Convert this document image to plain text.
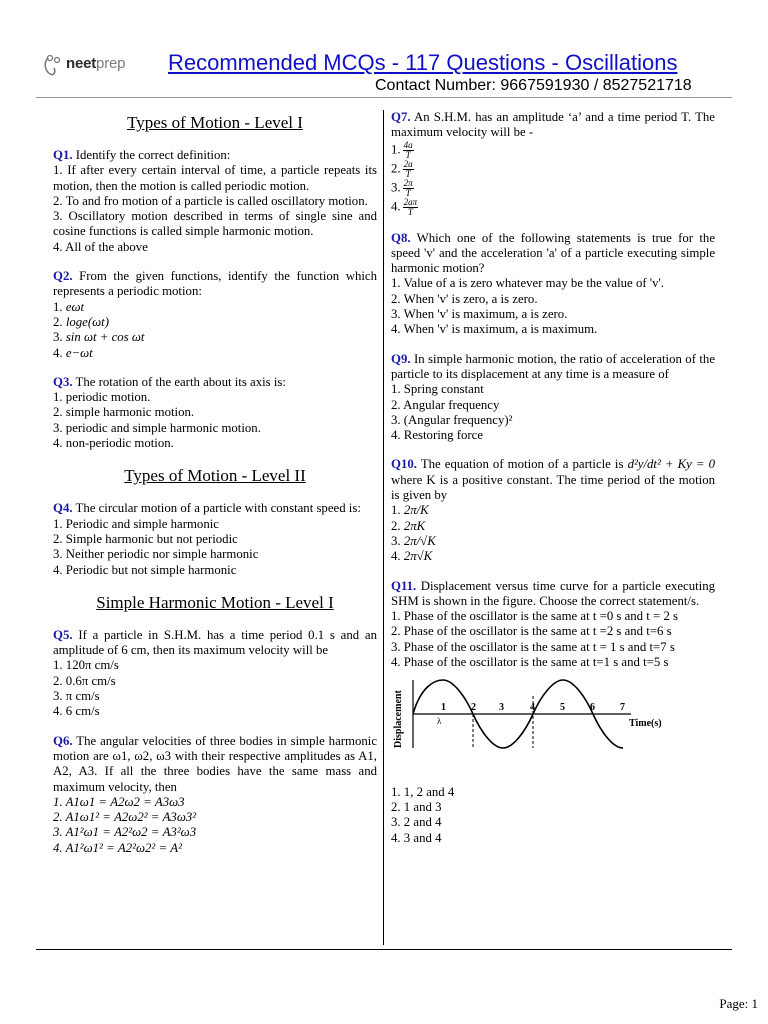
neetprep Recommended MCQs - 117 Questions - Oscillations
Contact Number: 9667591930 / 8527521718
Types of Motion - Level I

Q1. Identify the correct definition:

1. If after every certain interval of time, a particle repeats its motion, then the motion is called periodic motion.

2. To and fro motion of a particle is called oscillatory motion.

3. Oscillatory motion described in terms of single sine and cosine functions is called simple harmonic motion.

4. All of the above

Q2. From the given functions, identify the function which represents a periodic motion:

1. eωt
2. loge(ωt)
3. sin ωt + cos ωt
4. e−ωt

Q3. The rotation of the earth about its axis is:

1. periodic motion.

2. simple harmonic motion.

3. periodic and simple harmonic motion.

4. non-periodic motion.

Types of Motion - Level II

Q4. The circular motion of a particle with constant speed is:

1. Periodic and simple harmonic

2. Simple harmonic but not periodic

3. Neither periodic nor simple harmonic

4. Periodic but not simple harmonic

Simple Harmonic Motion - Level I

Q5. If a particle in S.H.M. has a time period 0.1 s and an amplitude of 6 cm, then its maximum velocity will be

1. 120π cm/s

2. 0.6π cm/s

3. π cm/s

4. 6 cm/s

Q6. The angular velocities of three bodies in simple harmonic motion are ω1, ω2, ω3 with their respective amplitudes as A1, A2, A3. If all the three bodies have the same mass and maximum velocity, then

1. A1ω1 = A2ω2 = A3ω3

2. A1ω1² = A2ω2² = A3ω3²

3. A1²ω1 = A2²ω2 = A3²ω3

4. A1²ω1² = A2²ω2² = A²

Q7. An S.H.M. has an amplitude ‘a’ and a time period T. The maximum velocity will be -

1. $\frac{4a}{T}$
2. $\frac{2a}{T}$
3. $\frac{2\pi}{T}$
4. $\frac{2a\pi}{T}$

Q8. Which one of the following statements is true for the speed 'v' and the acceleration 'a' of a particle executing simple harmonic motion?

1. Value of a is zero whatever may be the value of 'v'.

2. When 'v' is zero, a is zero.

3. When 'v' is maximum, a is zero.

4. When 'v' is maximum, a is maximum.

Q9. In simple harmonic motion, the ratio of acceleration of the particle to its displacement at any time is a measure of

1. Spring constant

2. Angular frequency

3. (Angular frequency)²

4. Restoring force

Q10. The equation of motion of a particle is d²y/dt² + Ky = 0 where K is a positive constant. The time period of the motion is given by

1. 2π/K
2. 2πK
3. 2π/√K
4. 2π√K

Q11. Displacement versus time curve for a particle executing SHM is shown in the figure. Choose the correct statement/s.

1. Phase of the oscillator is the same at t =0 s and t = 2 s

2. Phase of the oscillator is the same at t =2 s and t=6 s

3. Phase of the oscillator is the same at t = 1 s and t=7 s

4. Phase of the oscillator is the same at t=1 s and t=5 s

Displacement	1	2 3	4	5	6	7
λ	Time(s)

1. 1, 2 and 4

2. 1 and 3

3. 2 and 4

4. 3 and 4

Page: 1
